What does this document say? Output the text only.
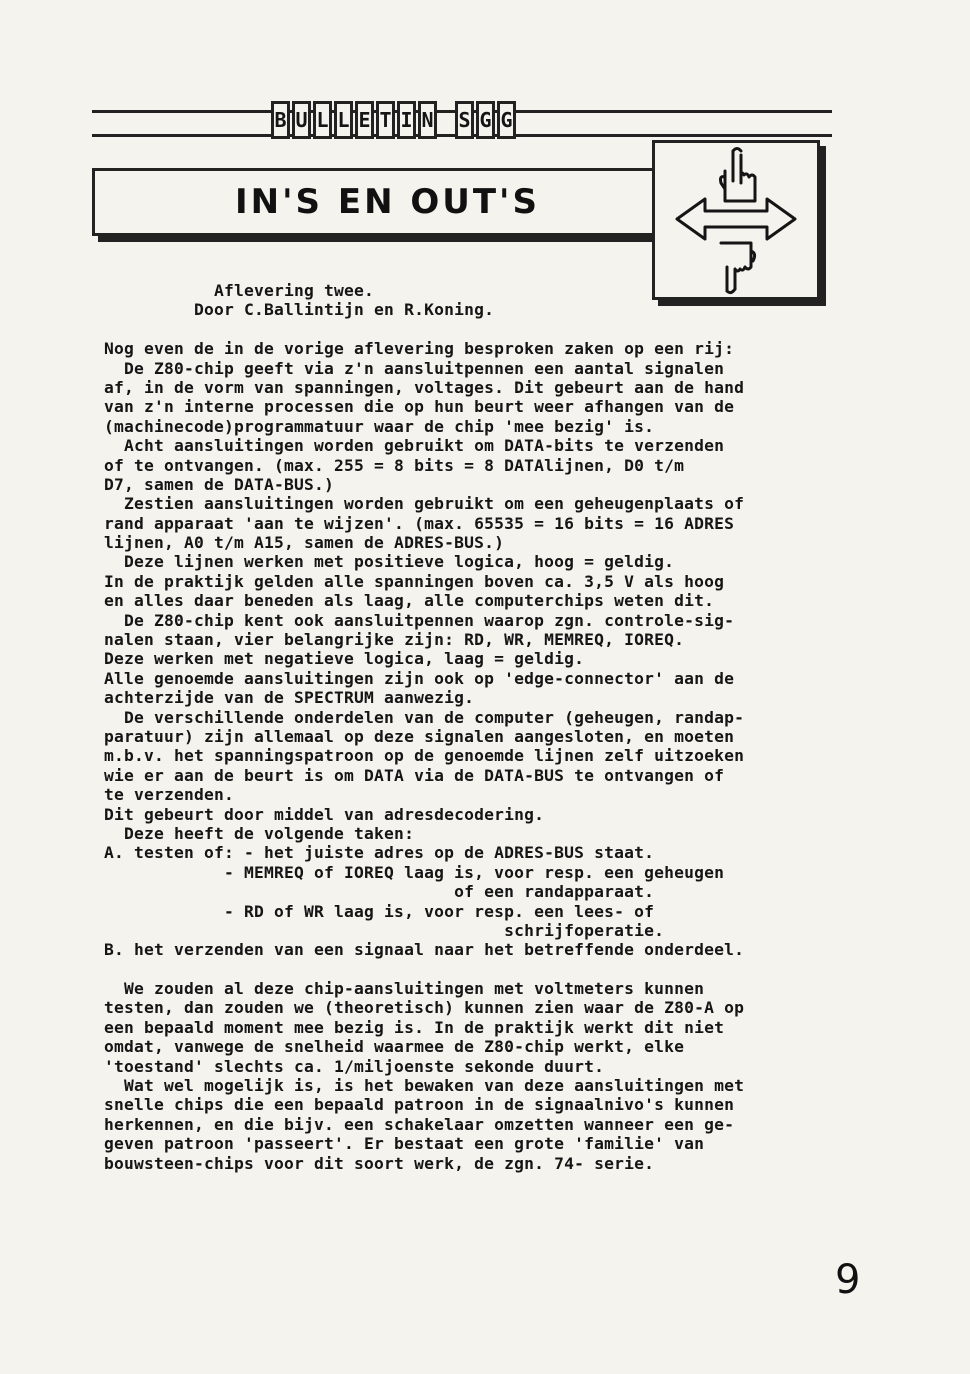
B U L L E T I N S G G
IN'S EN OUT'S
Aflevering twee.
Door C.Ballintijn en R.Koning.
Nog even de in de vorige aflevering besproken zaken op een rij:
De Z80-chip geeft via z'n aansluitpennen een aantal signalen
af, in de vorm van spanningen, voltages. Dit gebeurt aan de hand
van z'n interne processen die op hun beurt weer afhangen van de
(machinecode)programmatuur waar de chip 'mee bezig' is.
Acht aansluitingen worden gebruikt om DATA-bits te verzenden
of te ontvangen. (max. 255 = 8 bits = 8 DATAlijnen, D0 t/m
D7, samen de DATA-BUS.)
Zestien aansluitingen worden gebruikt om een geheugenplaats of
rand apparaat 'aan te wijzen'. (max. 65535 = 16 bits = 16 ADRES
lijnen, A0 t/m A15, samen de ADRES-BUS.)
Deze lijnen werken met positieve logica, hoog = geldig.
In de praktijk gelden alle spanningen boven ca. 3,5 V als hoog
en alles daar beneden als laag, alle computerchips weten dit.
De Z80-chip kent ook aansluitpennen waarop zgn. controle-sig-
nalen staan, vier belangrijke zijn: RD, WR, MEMREQ, IOREQ.
Deze werken met negatieve logica, laag = geldig.
Alle genoemde aansluitingen zijn ook op 'edge-connector' aan de
achterzijde van de SPECTRUM aanwezig.
De verschillende onderdelen van de computer (geheugen, randap-
paratuur) zijn allemaal op deze signalen aangesloten, en moeten
m.b.v. het spanningspatroon op de genoemde lijnen zelf uitzoeken
wie er aan de beurt is om DATA via de DATA-BUS te ontvangen of
te verzenden.
Dit gebeurt door middel van adresdecodering.
Deze heeft de volgende taken:
A. testen of: - het juiste adres op de ADRES-BUS staat.
- MEMREQ of IOREQ laag is, voor resp. een geheugen
of een randapparaat.
- RD of WR laag is, voor resp. een lees- of
schrijfoperatie.
B. het verzenden van een signaal naar het betreffende onderdeel.
We zouden al deze chip-aansluitingen met voltmeters kunnen
testen, dan zouden we (theoretisch) kunnen zien waar de Z80-A op
een bepaald moment mee bezig is. In de praktijk werkt dit niet
omdat, vanwege de snelheid waarmee de Z80-chip werkt, elke
'toestand' slechts ca. 1/miljoenste sekonde duurt.
Wat wel mogelijk is, is het bewaken van deze aansluitingen met
snelle chips die een bepaald patroon in de signaalnivo's kunnen
herkennen, en die bijv. een schakelaar omzetten wanneer een ge-
geven patroon 'passeert'. Er bestaat een grote 'familie' van
bouwsteen-chips voor dit soort werk, de zgn. 74- serie.
9
